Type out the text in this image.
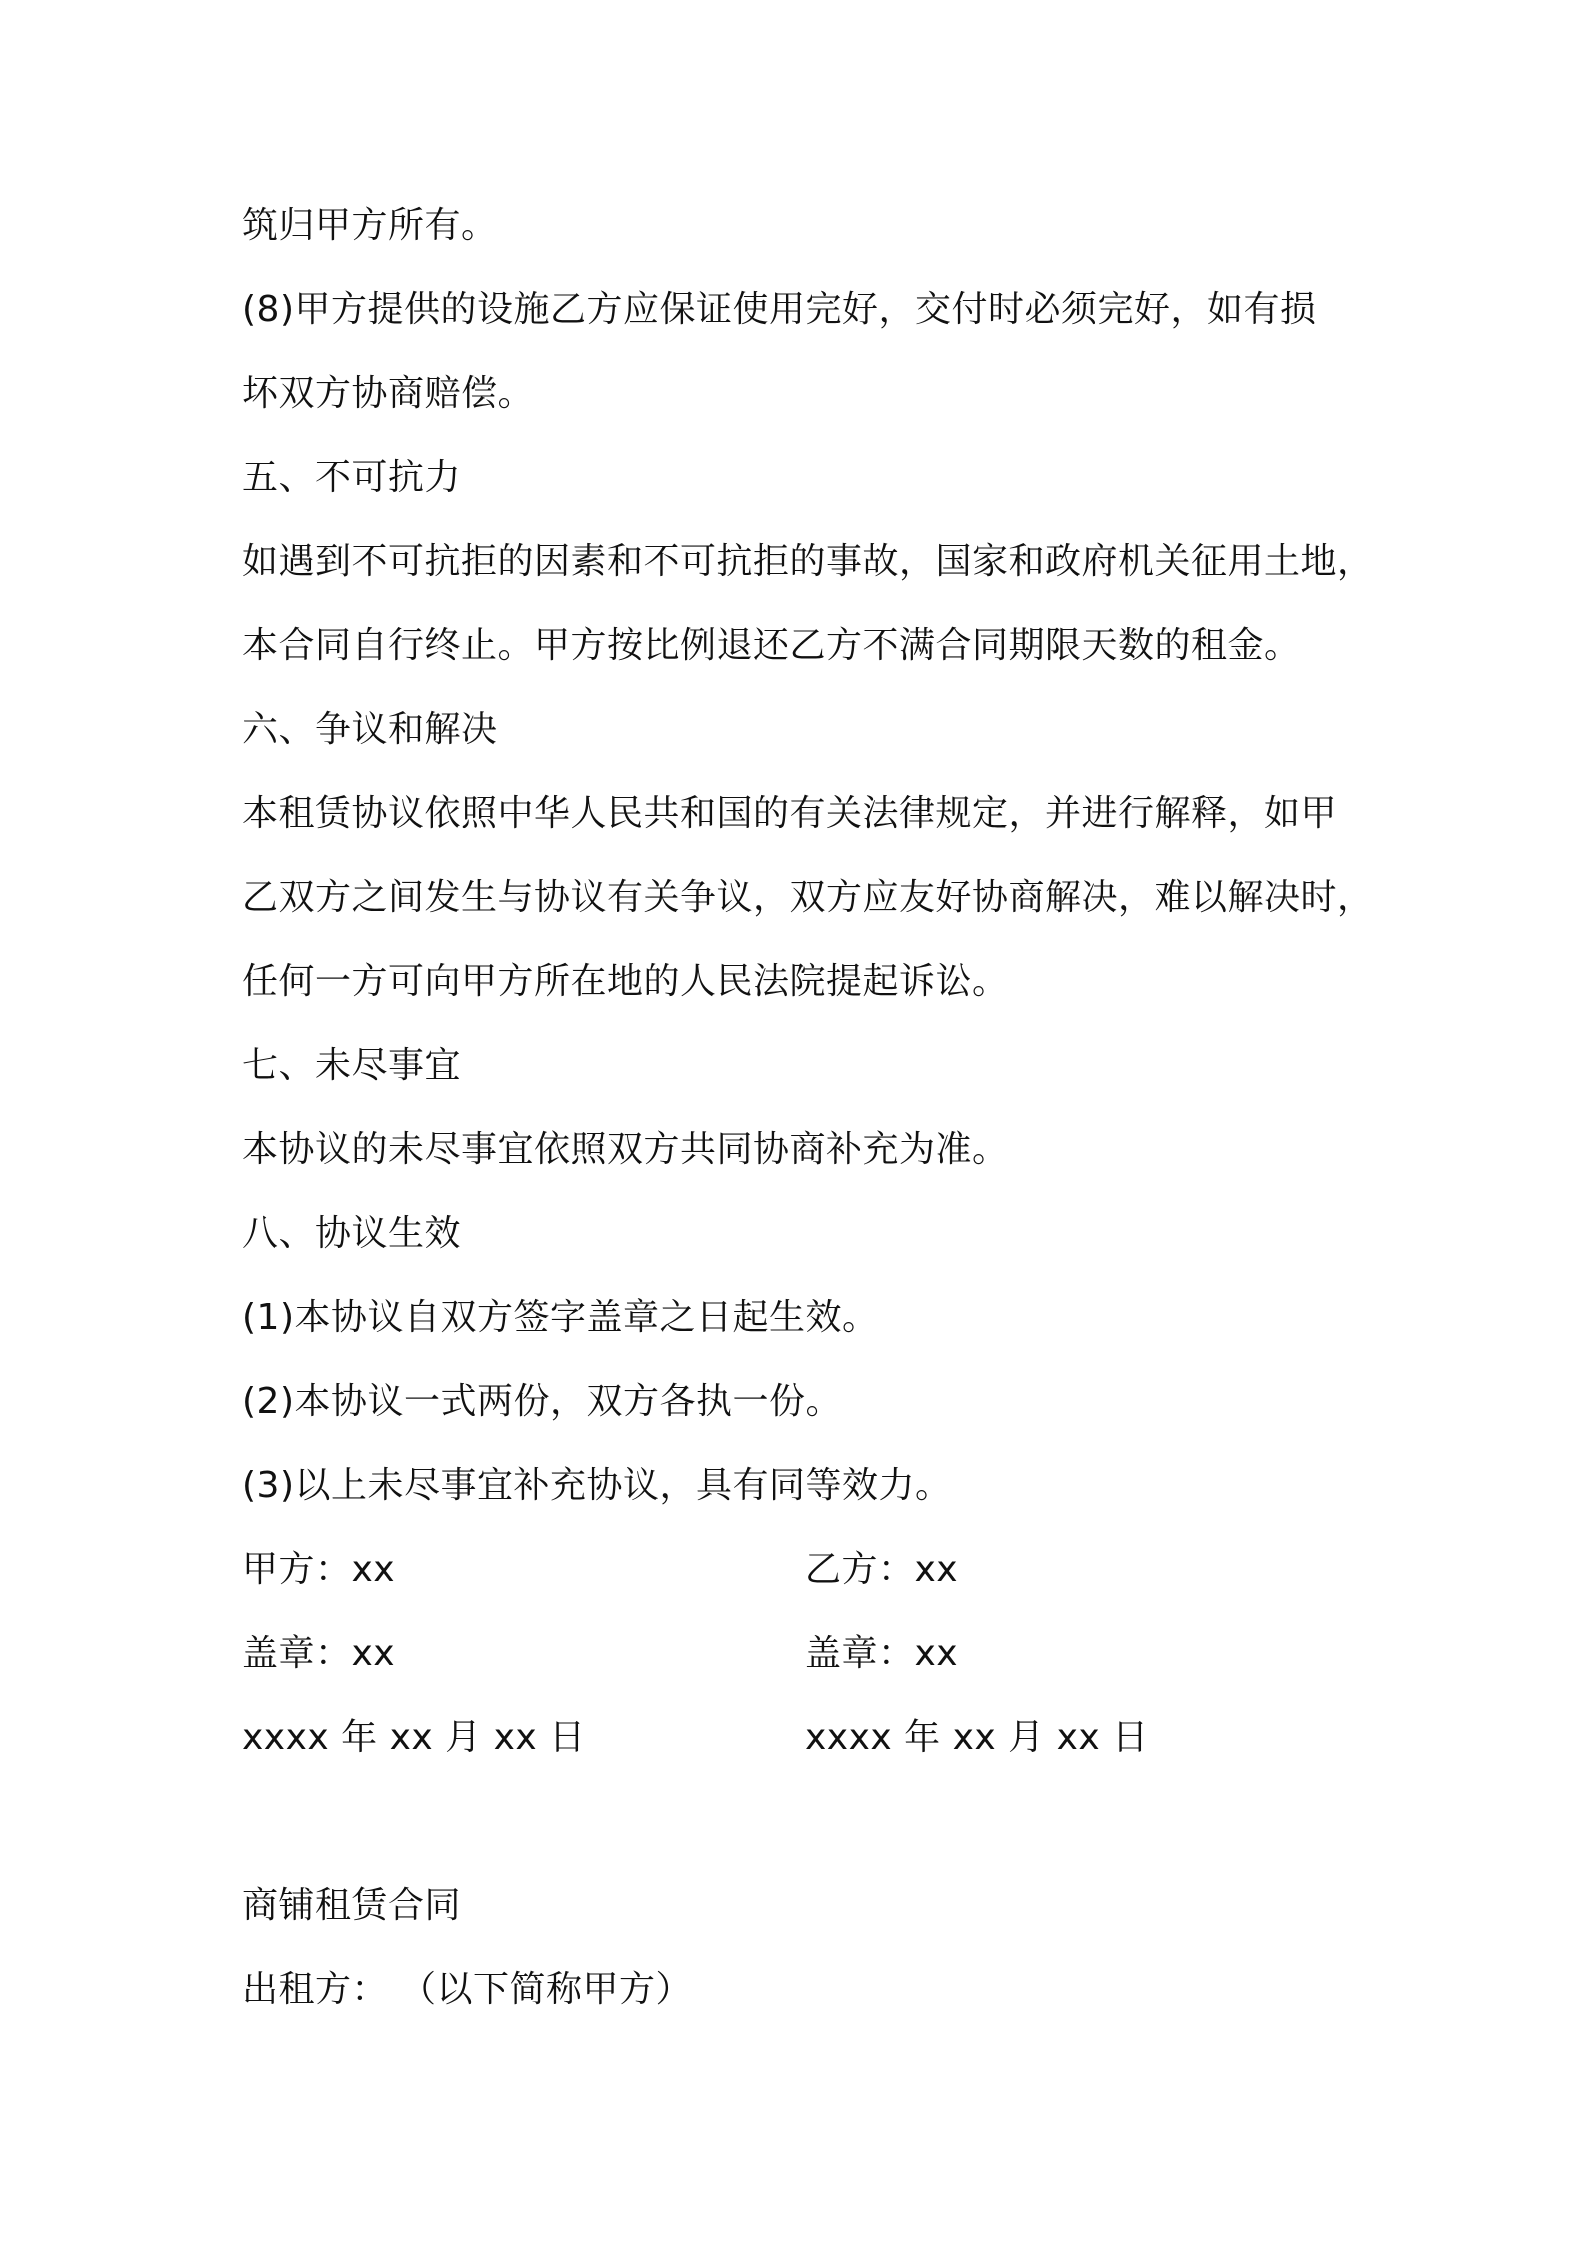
筑归甲方所有。
(8)甲方提供的设施乙方应保证使用完好，交付时必须完好，如有损
坏双方协商赔偿。
五、不可抗力
如遇到不可抗拒的因素和不可抗拒的事故，国家和政府机关征用土地，
本合同自行终止。甲方按比例退还乙方不满合同期限天数的租金。
六、争议和解决
本租赁协议依照中华人民共和国的有关法律规定，并进行解释，如甲
乙双方之间发生与协议有关争议，双方应友好协商解决，难以解决时，
任何一方可向甲方所在地的人民法院提起诉讼。
七、未尽事宜
本协议的未尽事宜依照双方共同协商补充为准。
八、协议生效
(1)本协议自双方签字盖章之日起生效。
(2)本协议一式两份，双方各执一份。
(3)以上未尽事宜补充协议，具有同等效力。
甲方：xx	乙方：xx
盖章：xx	盖章：xx
xxxx 年 xx 月 xx 日	xxxx 年 xx 月 xx 日
商铺租赁合同
出租方： （以下简称甲方）
